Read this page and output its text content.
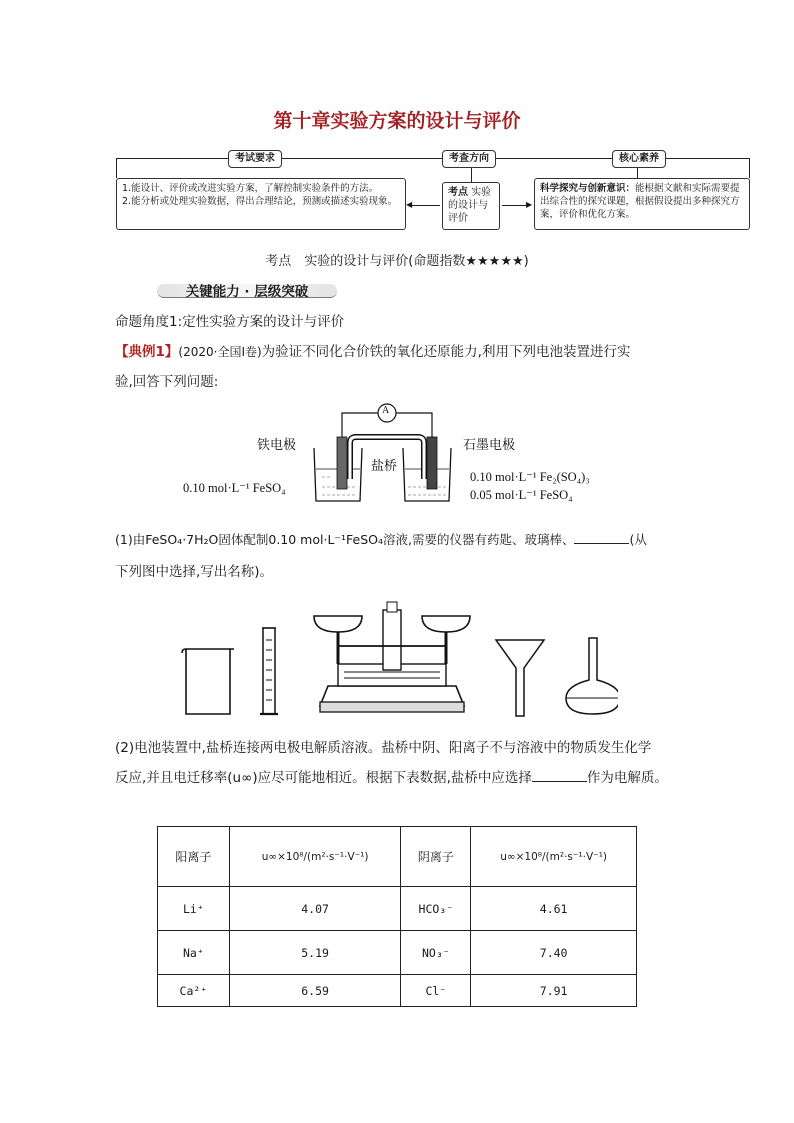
第十章实验方案的设计与评价
考试要求	考查方向	核心素养
1.能设计、评价或改进实验方案，了解控制实验条件的方法。
2.能分析或处理实验数据，得出合理结论，预测或描述实验现象。	◀
考点 实验的设计与评价
▶
科学探究与创新意识：能根据文献和实际需要提出综合性的探究课题，根据假设提出多种探究方案，评价和优化方案。
考点　实验的设计与评价(命题指数★★★★★)
关键能力 · 层级突破
命题角度1:定性实验方案的设计与评价
【典例1】(2020·全国Ⅰ卷)为验证不同化合价铁的氧化还原能力,利用下列电池装置进行实
验,回答下列问题:
A
铁电极	石墨电极
盐桥
0.10 mol·L⁻¹ FeSO₄
0.10 mol·L⁻¹ Fe₂(SO₄)₃
0.05 mol·L⁻¹ FeSO₄
(1)由FeSO₄·7H₂O固体配制0.10 mol·L⁻¹FeSO₄溶液,需要的仪器有药匙、玻璃棒、	(从
下列图中选择,写出名称)。
(2)电池装置中,盐桥连接两电极电解质溶液。盐桥中阴、阳离子不与溶液中的物质发生化学
反应,并且电迁移率(u∞)应尽可能地相近。根据下表数据,盐桥中应选择	作为电解质。
阳离子	u∞×10⁸/(m²·s⁻¹·V⁻¹)	阴离子	u∞×10⁸/(m²·s⁻¹·V⁻¹)
Li⁺	4.07	HCO₃⁻	4.61
Na⁺	5.19	NO₃⁻	7.40
Ca²⁺	6.59	Cl⁻	7.91
